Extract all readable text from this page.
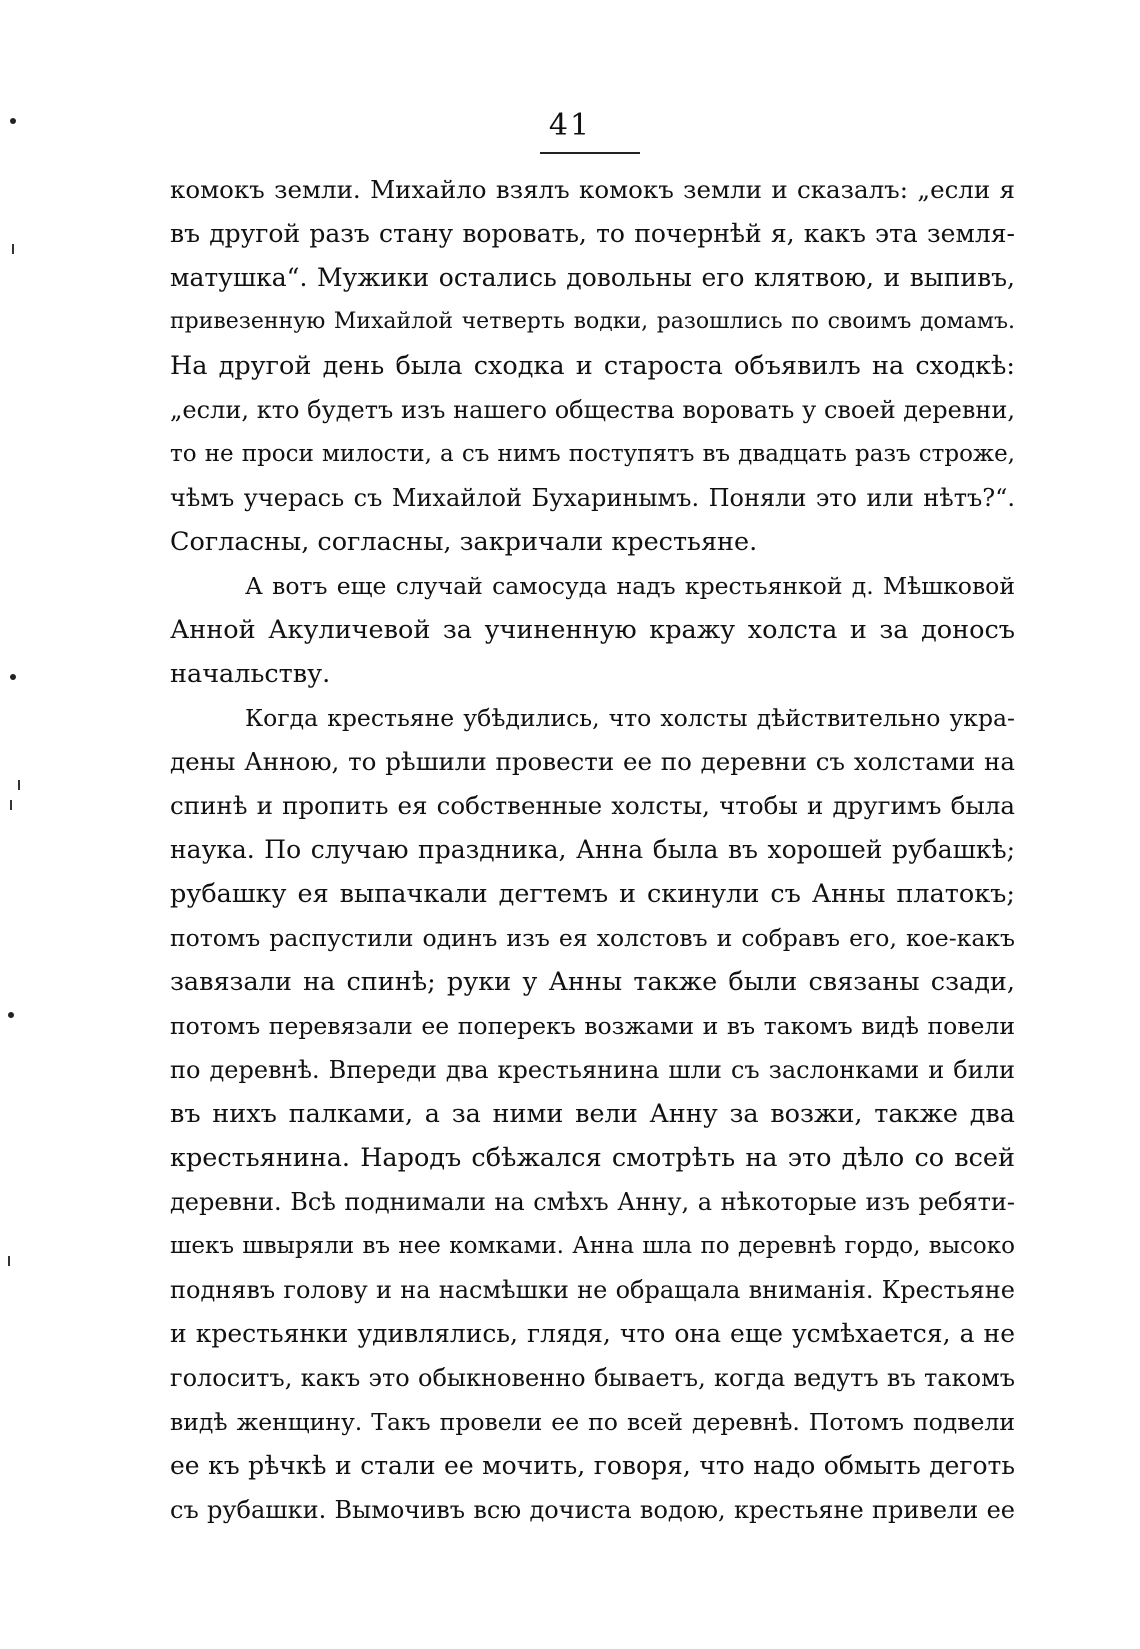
41
комокъ земли. Михайло взялъ комокъ земли и сказалъ: „если я
въ другой разъ стану воровать, то почернѣй я, какъ эта земля-
матушка“. Мужики остались довольны его клятвою, и выпивъ,
привезенную Михайлой четверть водки, разошлись по своимъ домамъ.
На другой день была сходка и староста объявилъ на сходкѣ:
„если, кто будетъ изъ нашего общества воровать у своей деревни,
то не проси милости, а съ нимъ поступятъ въ двадцать разъ строже,
чѣмъ учерась съ Михайлой Бухаринымъ. Поняли это или нѣтъ?“.
Согласны, согласны, закричали крестьяне.
А вотъ еще случай самосуда надъ крестьянкой д. Мѣшковой
Анной Акуличевой за учиненную кражу холста и за доносъ
начальству.
Когда крестьяне убѣдились, что холсты дѣйствительно укра-
дены Анною, то рѣшили провести ее по деревни съ холстами на
спинѣ и пропить ея собственные холсты, чтобы и другимъ была
наука. По случаю праздника, Анна была въ хорошей рубашкѣ;
рубашку ея выпачкали дегтемъ и скинули съ Анны платокъ;
потомъ распустили одинъ изъ ея холстовъ и собравъ его, кое-какъ
завязали на спинѣ; руки у Анны также были связаны сзади,
потомъ перевязали ее поперекъ возжами и въ такомъ видѣ повели
по деревнѣ. Впереди два крестьянина шли съ заслонками и били
въ нихъ палками, а за ними вели Анну за возжи, также два
крестьянина. Народъ сбѣжался смотрѣть на это дѣло со всей
деревни. Всѣ поднимали на смѣхъ Анну, а нѣкоторые изъ ребяти-
шекъ швыряли въ нее комками. Анна шла по деревнѣ гордо, высоко
поднявъ голову и на насмѣшки не обращала вниманія. Крестьяне
и крестьянки удивлялись, глядя, что она еще усмѣхается, а не
голоситъ, какъ это обыкновенно бываетъ, когда ведутъ въ такомъ
видѣ женщину. Такъ провели ее по всей деревнѣ. Потомъ подвели
ее къ рѣчкѣ и стали ее мочить, говоря, что надо обмыть деготь
съ рубашки. Вымочивъ всю дочиста водою, крестьяне привели ее
